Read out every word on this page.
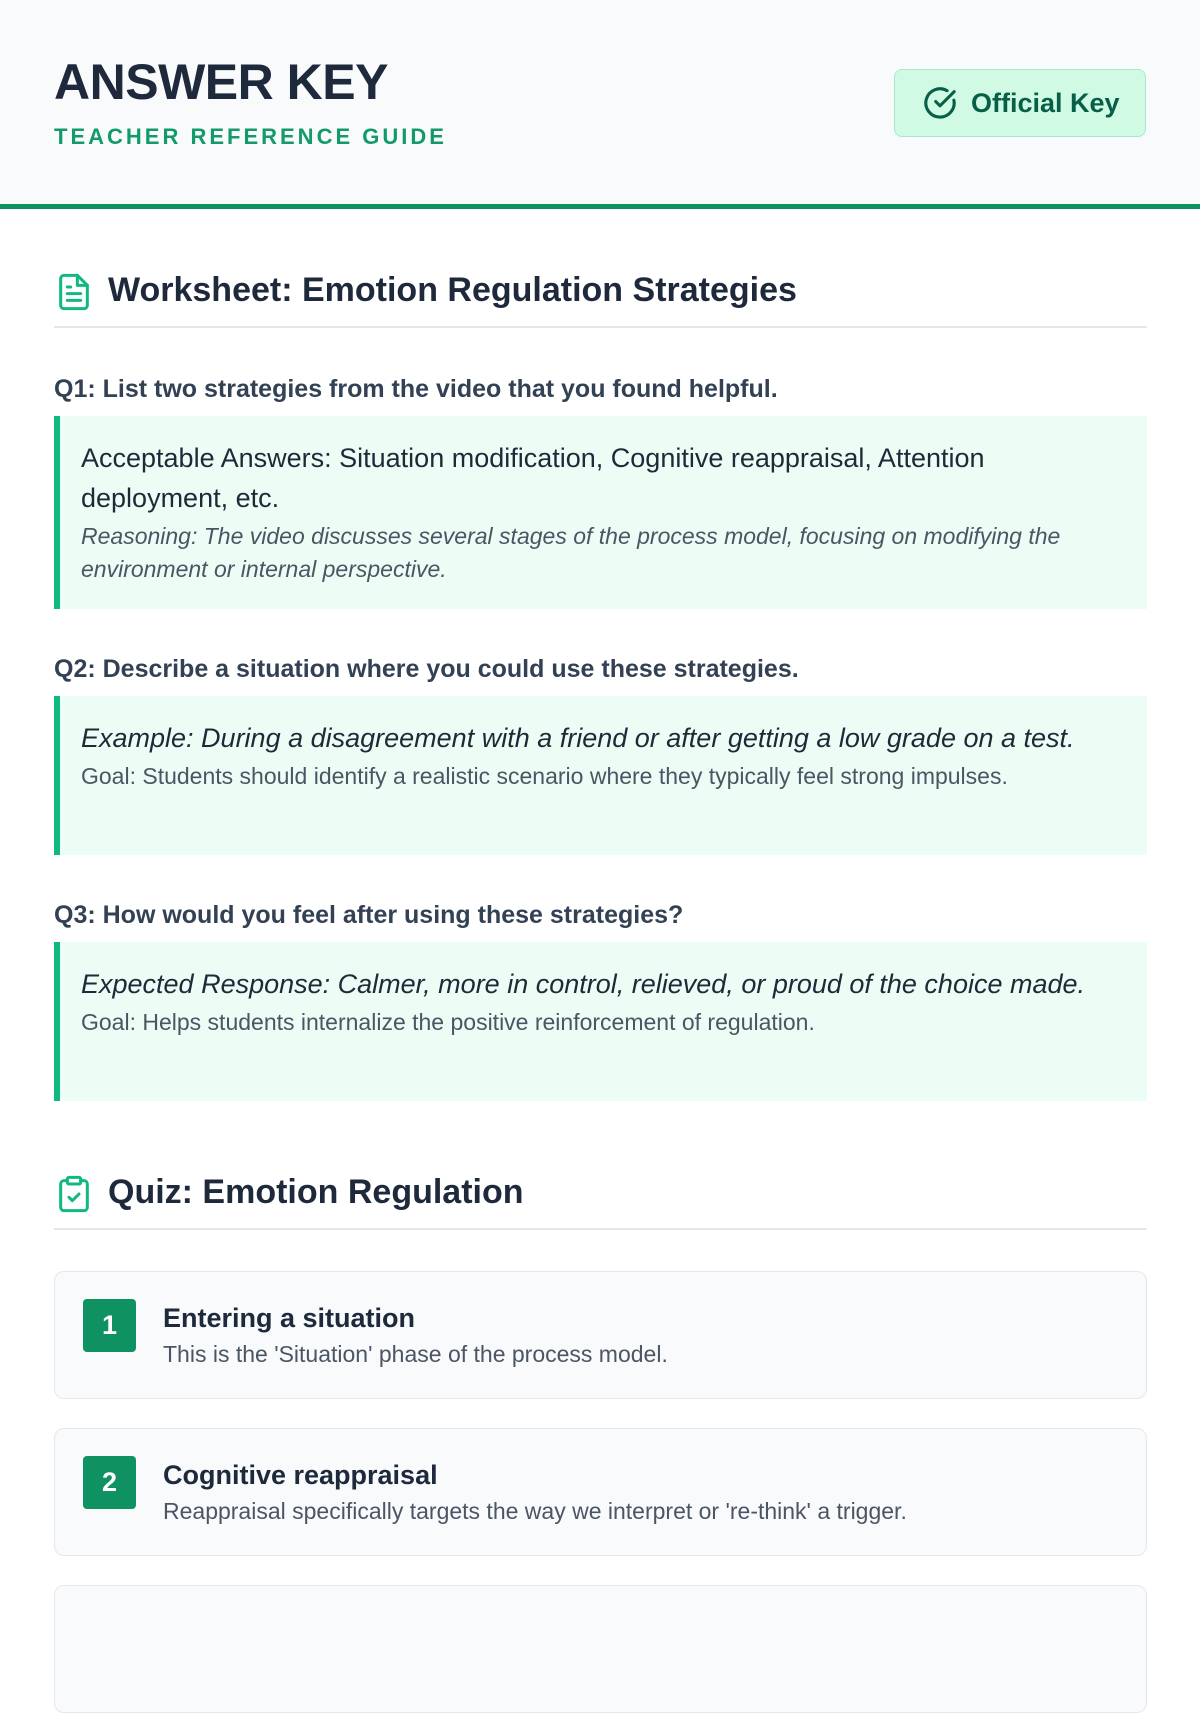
ANSWER KEY
TEACHER REFERENCE GUIDE
Official Key
Worksheet: Emotion Regulation Strategies
Q1: List two strategies from the video that you found helpful.
Acceptable Answers: Situation modification, Cognitive reappraisal, Attention deployment, etc.
Reasoning: The video discusses several stages of the process model, focusing on modifying the environment or internal perspective.
Q2: Describe a situation where you could use these strategies.
Example: During a disagreement with a friend or after getting a low grade on a test.
Goal: Students should identify a realistic scenario where they typically feel strong impulses.
Q3: How would you feel after using these strategies?
Expected Response: Calmer, more in control, relieved, or proud of the choice made.
Goal: Helps students internalize the positive reinforcement of regulation.
Quiz: Emotion Regulation
1	Entering a situation
This is the 'Situation' phase of the process model.
2	Cognitive reappraisal
Reappraisal specifically targets the way we interpret or 're-think' a trigger.
